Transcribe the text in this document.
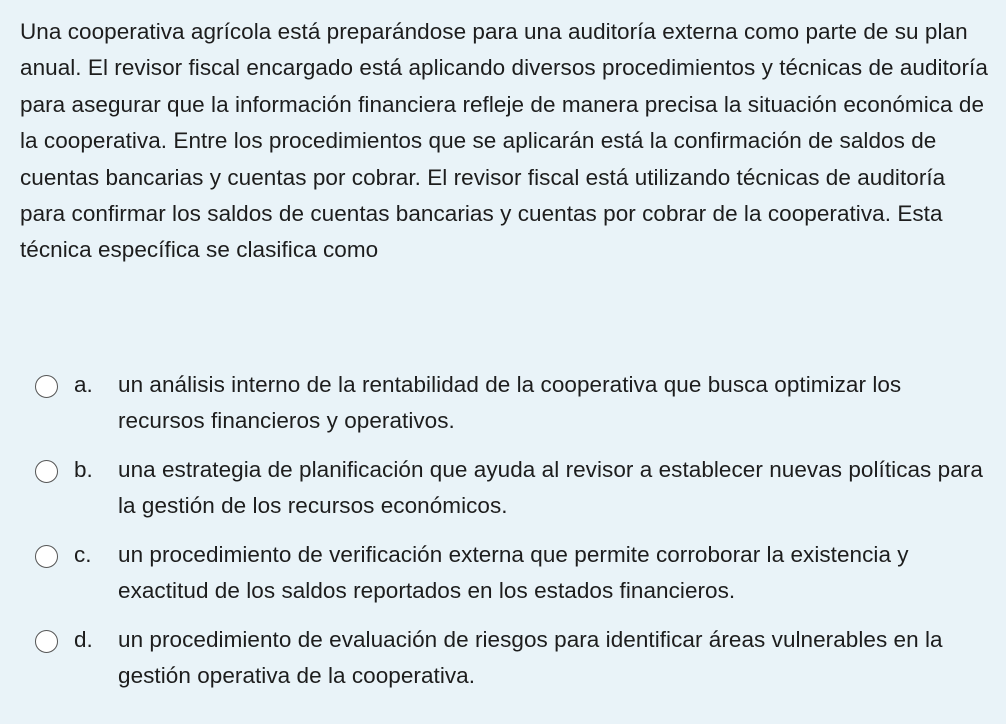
Una cooperativa agrícola está preparándose para una auditoría externa como parte de su plan anual. El revisor fiscal encargado está aplicando diversos procedimientos y técnicas de auditoría para asegurar que la información financiera refleje de manera precisa la situación económica de la cooperativa. Entre los procedimientos que se aplicarán está la confirmación de saldos de cuentas bancarias y cuentas por cobrar. El revisor fiscal está utilizando técnicas de auditoría para confirmar los saldos de cuentas bancarias y cuentas por cobrar de la cooperativa. Esta técnica específica se clasifica como

a. un análisis interno de la rentabilidad de la cooperativa que busca optimizar los recursos financieros y operativos.
b. una estrategia de planificación que ayuda al revisor a establecer nuevas políticas para la gestión de los recursos económicos.
c. un procedimiento de verificación externa que permite corroborar la existencia y exactitud de los saldos reportados en los estados financieros.
d. un procedimiento de evaluación de riesgos para identificar áreas vulnerables en la gestión operativa de la cooperativa.
